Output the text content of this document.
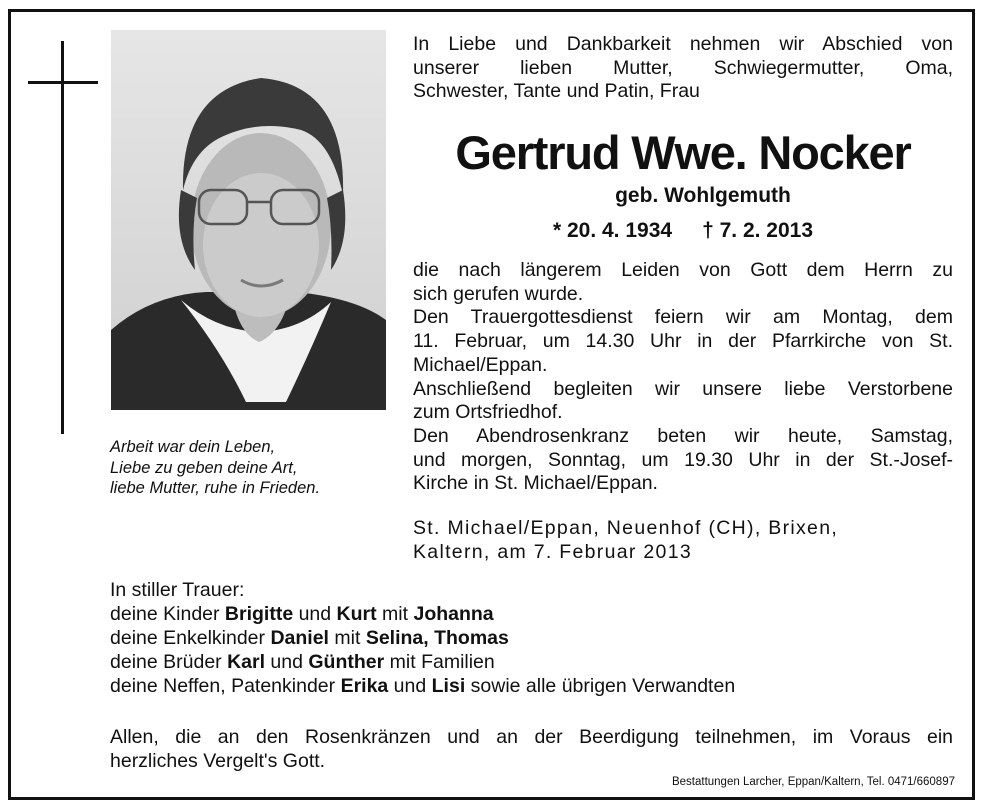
Arbeit war dein Leben,
Liebe zu geben deine Art,
liebe Mutter, ruhe in Frieden.
In Liebe und Dankbarkeit nehmen wir Abschied von
unserer lieben Mutter, Schwiegermutter, Oma,
Schwester, Tante und Patin, Frau
Gertrud Wwe. Nocker
geb. Wohlgemuth
* 20. 4. 1934 † 7. 2. 2013
die nach längerem Leiden von Gott dem Herrn zu
sich gerufen wurde.
Den Trauergottesdienst feiern wir am Montag, dem
11. Februar, um 14.30 Uhr in der Pfarrkirche von St.
Michael/Eppan.
Anschließend begleiten wir unsere liebe Verstorbene
zum Ortsfriedhof.
Den Abendrosenkranz beten wir heute, Samstag,
und morgen, Sonntag, um 19.30 Uhr in der St.-Josef-
Kirche in St. Michael/Eppan.
St. Michael/Eppan, Neuenhof (CH), Brixen,
Kaltern, am 7. Februar 2013
In stiller Trauer:
deine Kinder Brigitte und Kurt mit Johanna
deine Enkelkinder Daniel mit Selina, Thomas
deine Brüder Karl und Günther mit Familien
deine Neffen, Patenkinder Erika und Lisi sowie alle übrigen Verwandten
Allen, die an den Rosenkränzen und an der Beerdigung teilnehmen, im Voraus ein
herzliches Vergelt's Gott.
Bestattungen Larcher, Eppan/Kaltern, Tel. 0471/660897
